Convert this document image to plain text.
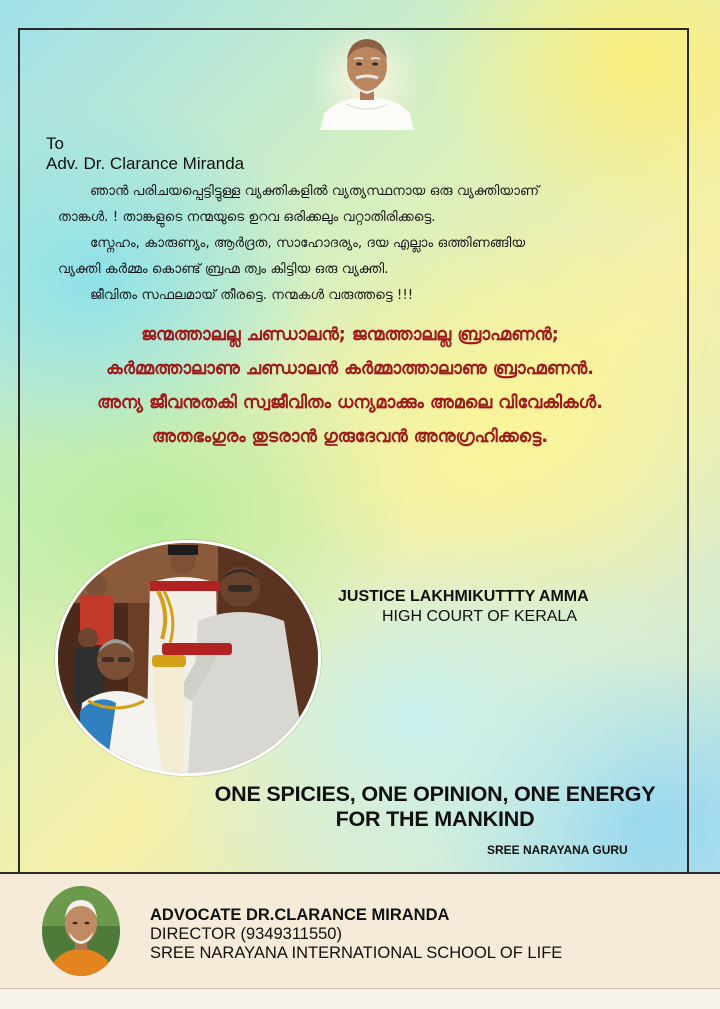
To
Adv. Dr. Clarance Miranda

ഞാൻ പരിചയപ്പെട്ടിട്ടുള്ള വ്യക്തികളിൽ വ്യത്യസ്ഥനായ ഒരു വ്യക്തിയാണ്

താങ്കൾ. ! താങ്കളുടെ നന്മയുടെ ഉറവ ഒരിക്കലും വറ്റാതിരിക്കട്ടെ.

സ്നേഹം, കാരുണ്യം, ആർദ്രത, സാഹോദര്യം, ദയ എല്ലാം ഒത്തിണങ്ങിയ

വ്യക്തി കർമ്മം കൊണ്ട് ബ്രഹ്മ ത്വം കിട്ടിയ ഒരു വ്യക്തി.

ജീവിതം സഫലമായ് തീരട്ടെ. നന്മകൾ വരുത്തട്ടെ !!!

ജന്മത്താലല്ല ചണ്ഡാലൻ; ജന്മത്താലല്ല ബ്രാഹ്മണൻ;

കർമ്മത്താലാണു ചണ്ഡാലൻ കർമ്മാത്താലാണു ബ്രാഹ്മണൻ.

അന്യ ജീവനുതകി സ്വജീവിതം ധന്യമാക്കും അമലെ വിവേകികൾ.

അതഭംഗുരം തുടരാൻ ഗുരുദേവൻ അനുഗ്രഹിക്കട്ടെ.

JUSTICE LAKHMIKUTTTY AMMA
HIGH COURT OF KERALA
ONE SPICIES, ONE OPINION, ONE ENERGY
FOR THE MANKIND
SREE NARAYANA GURU
ADVOCATE DR.CLARANCE MIRANDA
DIRECTOR (9349311550)
SREE NARAYANA INTERNATIONAL SCHOOL OF LIFE
